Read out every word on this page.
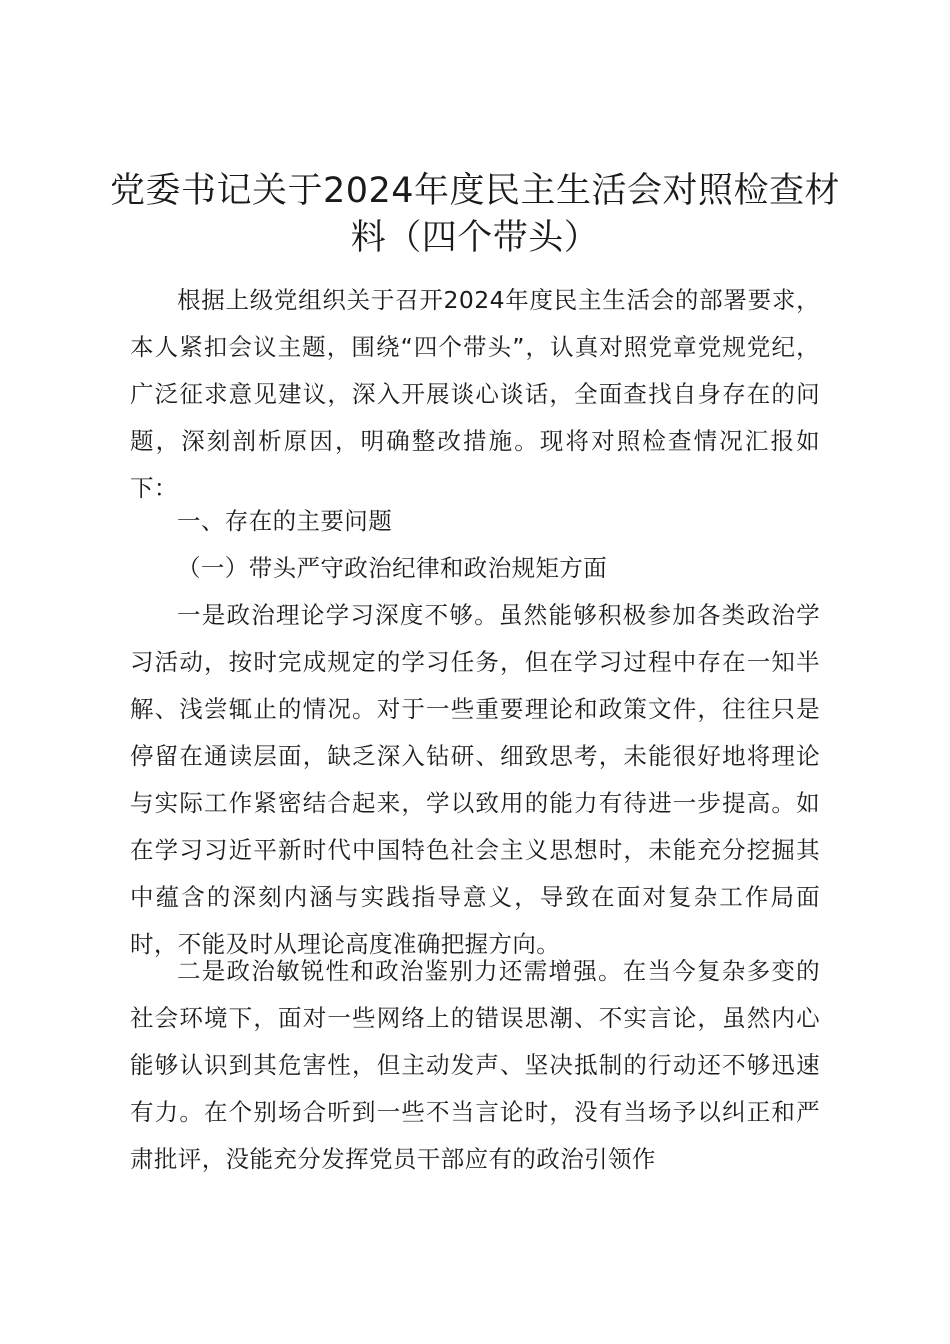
党委书记关于2024年度民主生活会对照检查材料（四个带头）

根据上级党组织关于召开2024年度民主生活会的部署要求，本人紧扣会议主题，围绕“四个带头”，认真对照党章党规党纪，广泛征求意见建议，深入开展谈心谈话，全面查找自身存在的问题，深刻剖析原因，明确整改措施。现将对照检查情况汇报如下：

一、存在的主要问题

（一）带头严守政治纪律和政治规矩方面

一是政治理论学习深度不够。虽然能够积极参加各类政治学习活动，按时完成规定的学习任务，但在学习过程中存在一知半解、浅尝辄止的情况。对于一些重要理论和政策文件，往往只是停留在通读层面，缺乏深入钻研、细致思考，未能很好地将理论与实际工作紧密结合起来，学以致用的能力有待进一步提高。如在学习习近平新时代中国特色社会主义思想时，未能充分挖掘其中蕴含的深刻内涵与实践指导意义，导致在面对复杂工作局面时，不能及时从理论高度准确把握方向。

二是政治敏锐性和政治鉴别力还需增强。在当今复杂多变的社会环境下，面对一些网络上的错误思潮、不实言论，虽然内心能够认识到其危害性，但主动发声、坚决抵制的行动还不够迅速有力。在个别场合听到一些不当言论时，没有当场予以纠正和严肃批评，没能充分发挥党员干部应有的政治引领作
